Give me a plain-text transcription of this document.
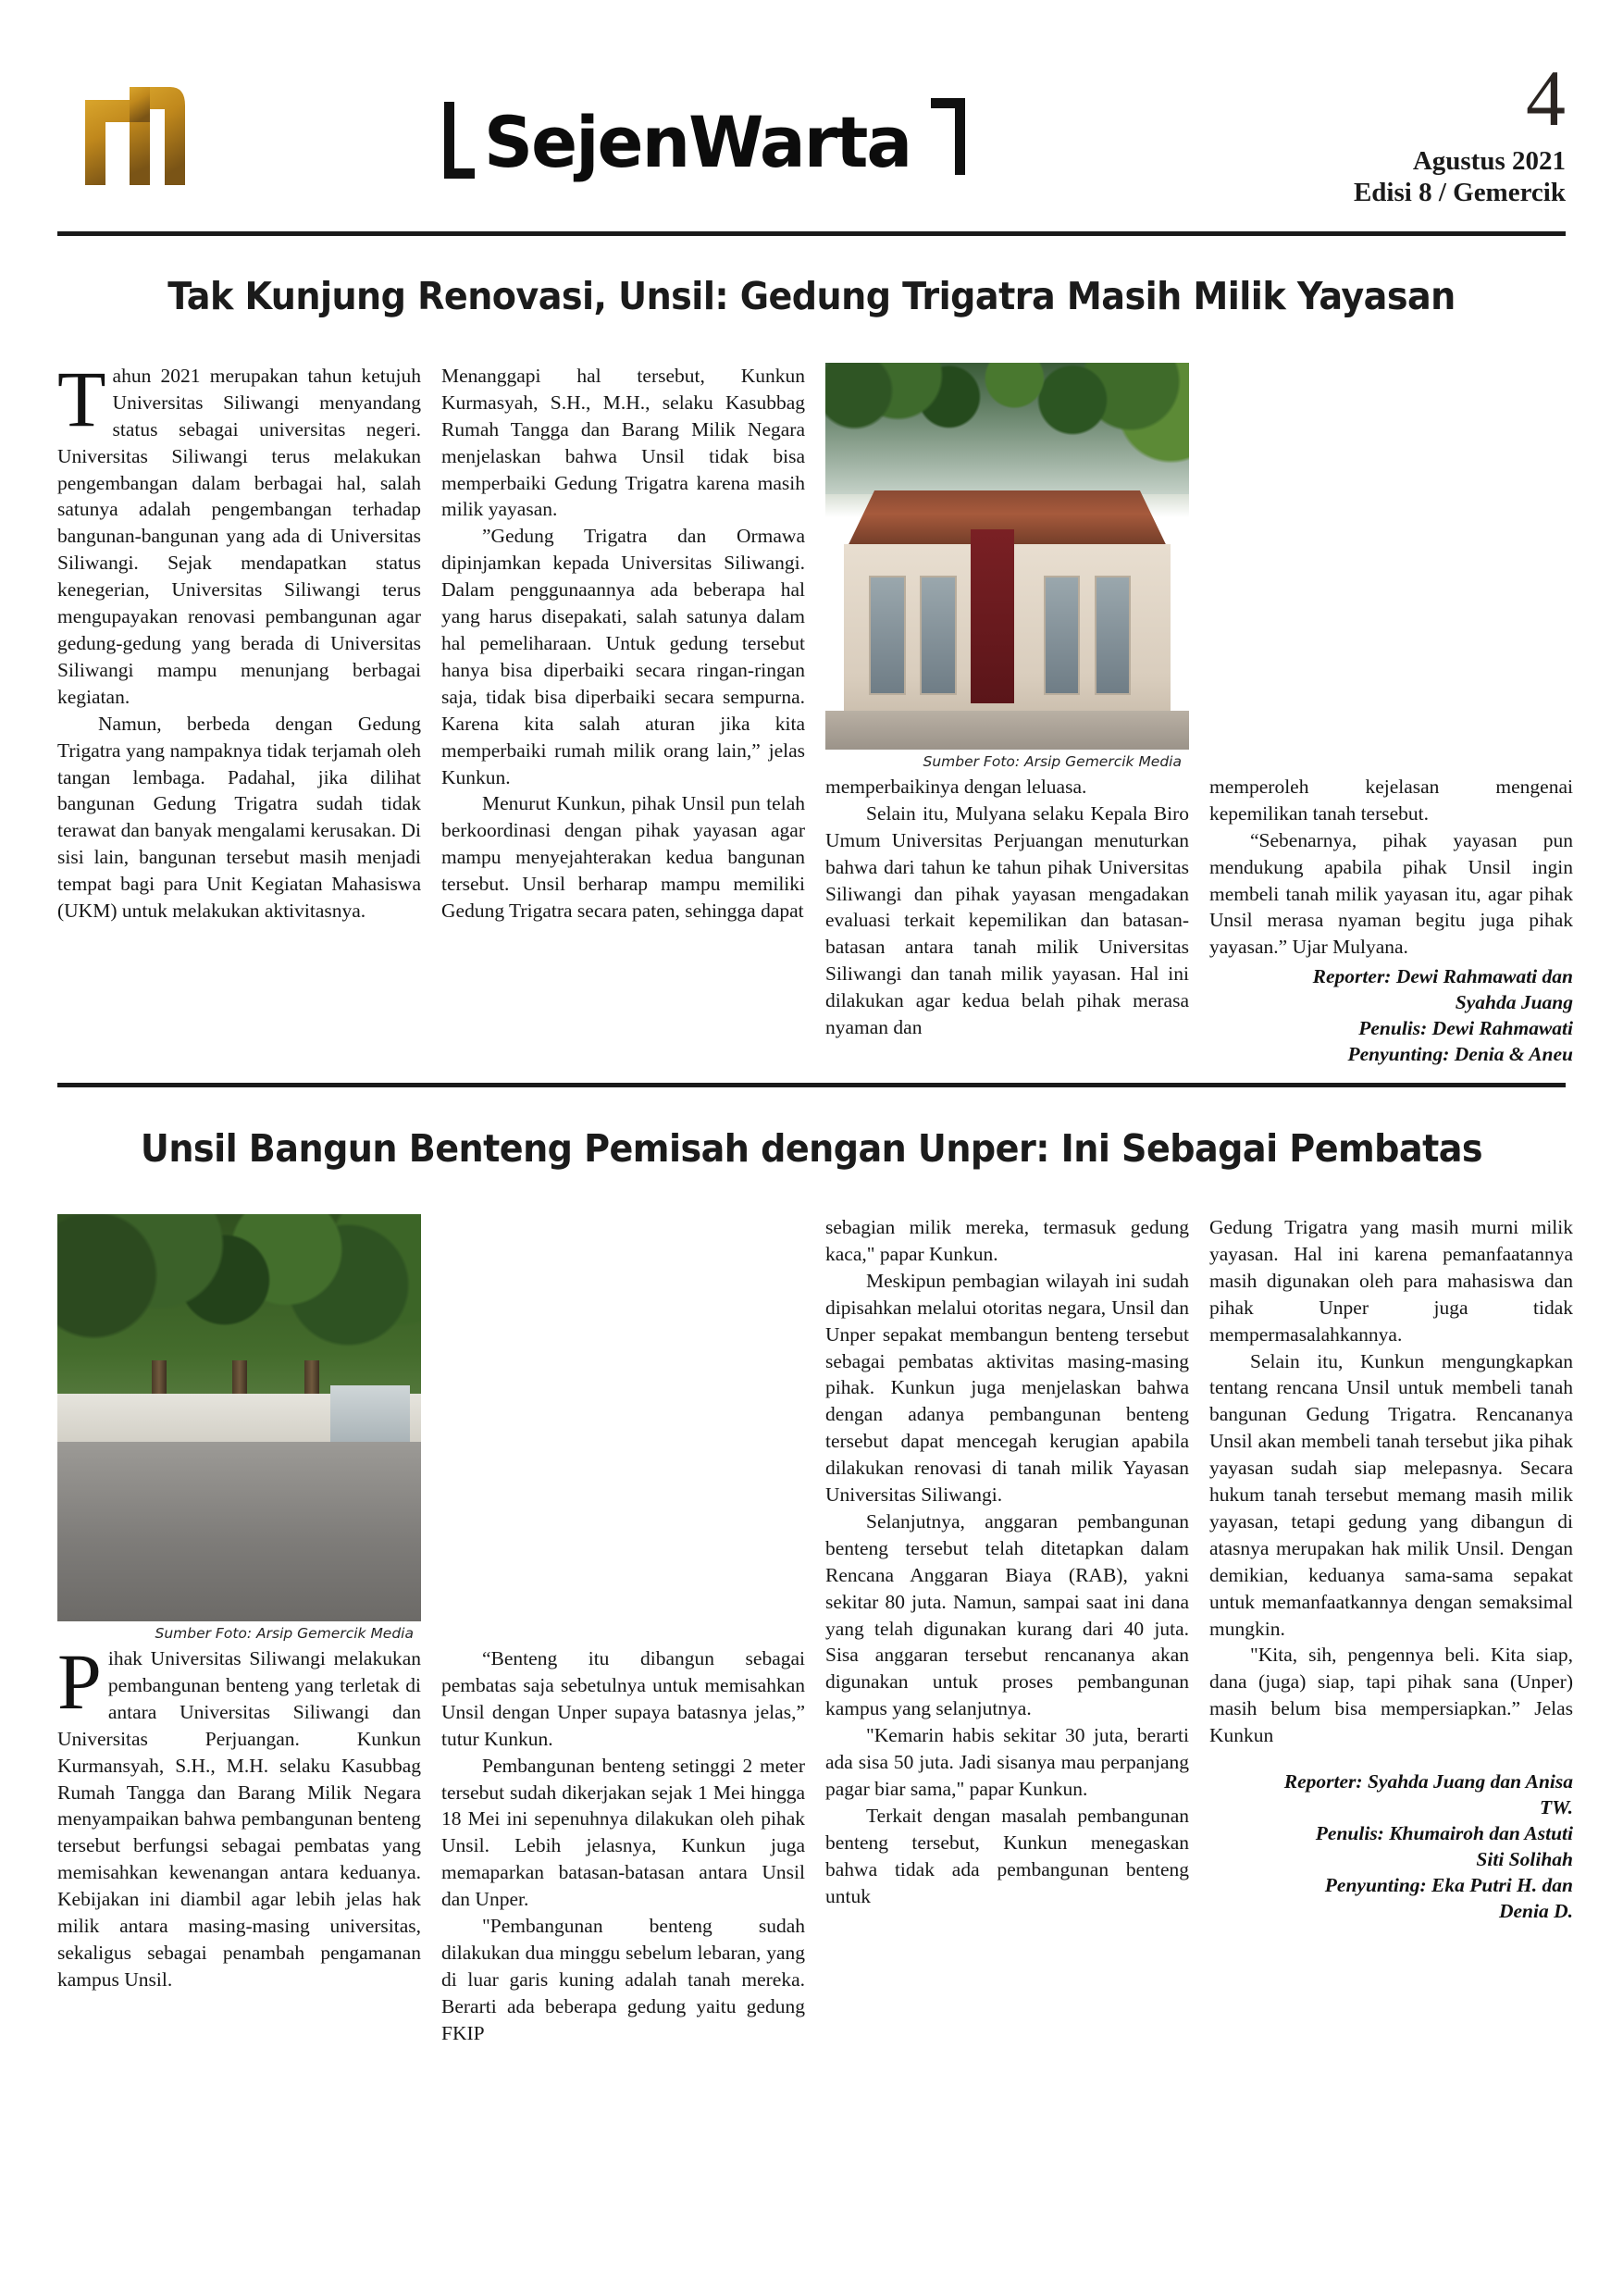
SejenWarta	4
Agustus 2021
Edisi 8 / Gemercik
Tak Kunjung Renovasi, Unsil: Gedung Trigatra Masih Milik Yayasan

Tahun 2021 merupakan tahun ketujuh Universitas Siliwangi menyandang status sebagai universitas negeri. Universitas Siliwangi terus melakukan pengembangan dalam berbagai hal, salah satunya adalah pengembangan terhadap bangunan-bangunan yang ada di Universitas Siliwangi. Sejak mendapatkan status kenegerian, Universitas Siliwangi terus mengupayakan renovasi pembangunan agar gedung-gedung yang berada di Universitas Siliwangi mampu menunjang berbagai kegiatan.

Namun, berbeda dengan Gedung Trigatra yang nampaknya tidak terjamah oleh tangan lembaga. Padahal, jika dilihat bangunan Gedung Trigatra sudah tidak terawat dan banyak mengalami kerusakan. Di sisi lain, bangunan tersebut masih menjadi tempat bagi para Unit Kegiatan Mahasiswa (UKM) untuk melakukan aktivitasnya.

Menanggapi hal tersebut, Kunkun Kurmasyah, S.H., M.H., selaku Kasubbag Rumah Tangga dan Barang Milik Negara menjelaskan bahwa Unsil tidak bisa memperbaiki Gedung Trigatra karena masih milik yayasan.

”Gedung Trigatra dan Ormawa dipinjamkan kepada Universitas Siliwangi. Dalam penggunaannya ada beberapa hal yang harus disepakati, salah satunya dalam hal pemeliharaan. Untuk gedung tersebut hanya bisa diperbaiki secara ringan-ringan saja, tidak bisa diperbaiki secara sempurna. Karena kita salah aturan jika kita memperbaiki rumah milik orang lain,” jelas Kunkun.

Menurut Kunkun, pihak Unsil pun telah berkoordinasi dengan pihak yayasan agar mampu menyejahterakan kedua bangunan tersebut. Unsil berharap mampu memiliki Gedung Trigatra secara paten, sehingga dapat

Sumber Foto: Arsip Gemercik Media

memperbaikinya dengan leluasa.

Selain itu, Mulyana selaku Kepala Biro Umum Universitas Perjuangan menuturkan bahwa dari tahun ke tahun pihak Universitas Siliwangi dan pihak yayasan mengadakan evaluasi terkait kepemilikan dan batasan-batasan antara tanah milik Universitas Siliwangi dan tanah milik yayasan. Hal ini dilakukan agar kedua belah pihak merasa nyaman dan

memperoleh kejelasan mengenai kepemilikan tanah tersebut.

“Sebenarnya, pihak yayasan pun mendukung apabila pihak Unsil ingin membeli tanah milik yayasan itu, agar pihak Unsil merasa nyaman begitu juga pihak yayasan.” Ujar Mulyana.

Reporter: Dewi Rahmawati dan
Syahda Juang
Penulis: Dewi Rahmawati
Penyunting: Denia & Aneu
Unsil Bangun Benteng Pemisah dengan Unper: Ini Sebagai Pembatas
Sumber Foto: Arsip Gemercik Media

Pihak Universitas Siliwangi melakukan pembangunan benteng yang terletak di antara Universitas Siliwangi dan Universitas Perjuangan. Kunkun Kurmansyah, S.H., M.H. selaku Kasubbag Rumah Tangga dan Barang Milik Negara menyampaikan bahwa pembangunan benteng tersebut berfungsi sebagai pembatas yang memisahkan kewenangan antara keduanya. Kebijakan ini diambil agar lebih jelas hak milik antara masing-masing universitas, sekaligus sebagai penambah pengamanan kampus Unsil.

“Benteng itu dibangun sebagai pembatas saja sebetulnya untuk memisahkan Unsil dengan Unper supaya batasnya jelas,” tutur Kunkun.

Pembangunan benteng setinggi 2 meter tersebut sudah dikerjakan sejak 1 Mei hingga 18 Mei ini sepenuhnya dilakukan oleh pihak Unsil. Lebih jelasnya, Kunkun juga memaparkan batasan-batasan antara Unsil dan Unper.

"Pembangunan benteng sudah dilakukan dua minggu sebelum lebaran, yang di luar garis kuning adalah tanah mereka. Berarti ada beberapa gedung yaitu gedung FKIP

sebagian milik mereka, termasuk gedung kaca," papar Kunkun.

Meskipun pembagian wilayah ini sudah dipisahkan melalui otoritas negara, Unsil dan Unper sepakat membangun benteng tersebut sebagai pembatas aktivitas masing-masing pihak. Kunkun juga menjelaskan bahwa dengan adanya pembangunan benteng tersebut dapat mencegah kerugian apabila dilakukan renovasi di tanah milik Yayasan Universitas Siliwangi.

Selanjutnya, anggaran pembangunan benteng tersebut telah ditetapkan dalam Rencana Anggaran Biaya (RAB), yakni sekitar 80 juta. Namun, sampai saat ini dana yang telah digunakan kurang dari 40 juta. Sisa anggaran tersebut rencananya akan digunakan untuk proses pembangunan kampus yang selanjutnya.

"Kemarin habis sekitar 30 juta, berarti ada sisa 50 juta. Jadi sisanya mau perpanjang pagar biar sama," papar Kunkun.

Terkait dengan masalah pembangunan benteng tersebut, Kunkun menegaskan bahwa tidak ada pembangunan benteng untuk

Gedung Trigatra yang masih murni milik yayasan. Hal ini karena pemanfaatannya masih digunakan oleh para mahasiswa dan pihak Unper juga tidak mempermasalahkannya.

Selain itu, Kunkun mengungkapkan tentang rencana Unsil untuk membeli tanah bangunan Gedung Trigatra. Rencananya Unsil akan membeli tanah tersebut jika pihak yayasan sudah siap melepasnya. Secara hukum tanah tersebut memang masih milik yayasan, tetapi gedung yang dibangun di atasnya merupakan hak milik Unsil. Dengan demikian, keduanya sama-sama sepakat untuk memanfaatkannya dengan semaksimal mungkin.

"Kita, sih, pengennya beli. Kita siap, dana (juga) siap, tapi pihak sana (Unper) masih belum bisa mempersiapkan.” Jelas Kunkun

Reporter: Syahda Juang dan Anisa
TW.
Penulis: Khumairoh dan Astuti
Siti Solihah
Penyunting: Eka Putri H. dan
Denia D.
